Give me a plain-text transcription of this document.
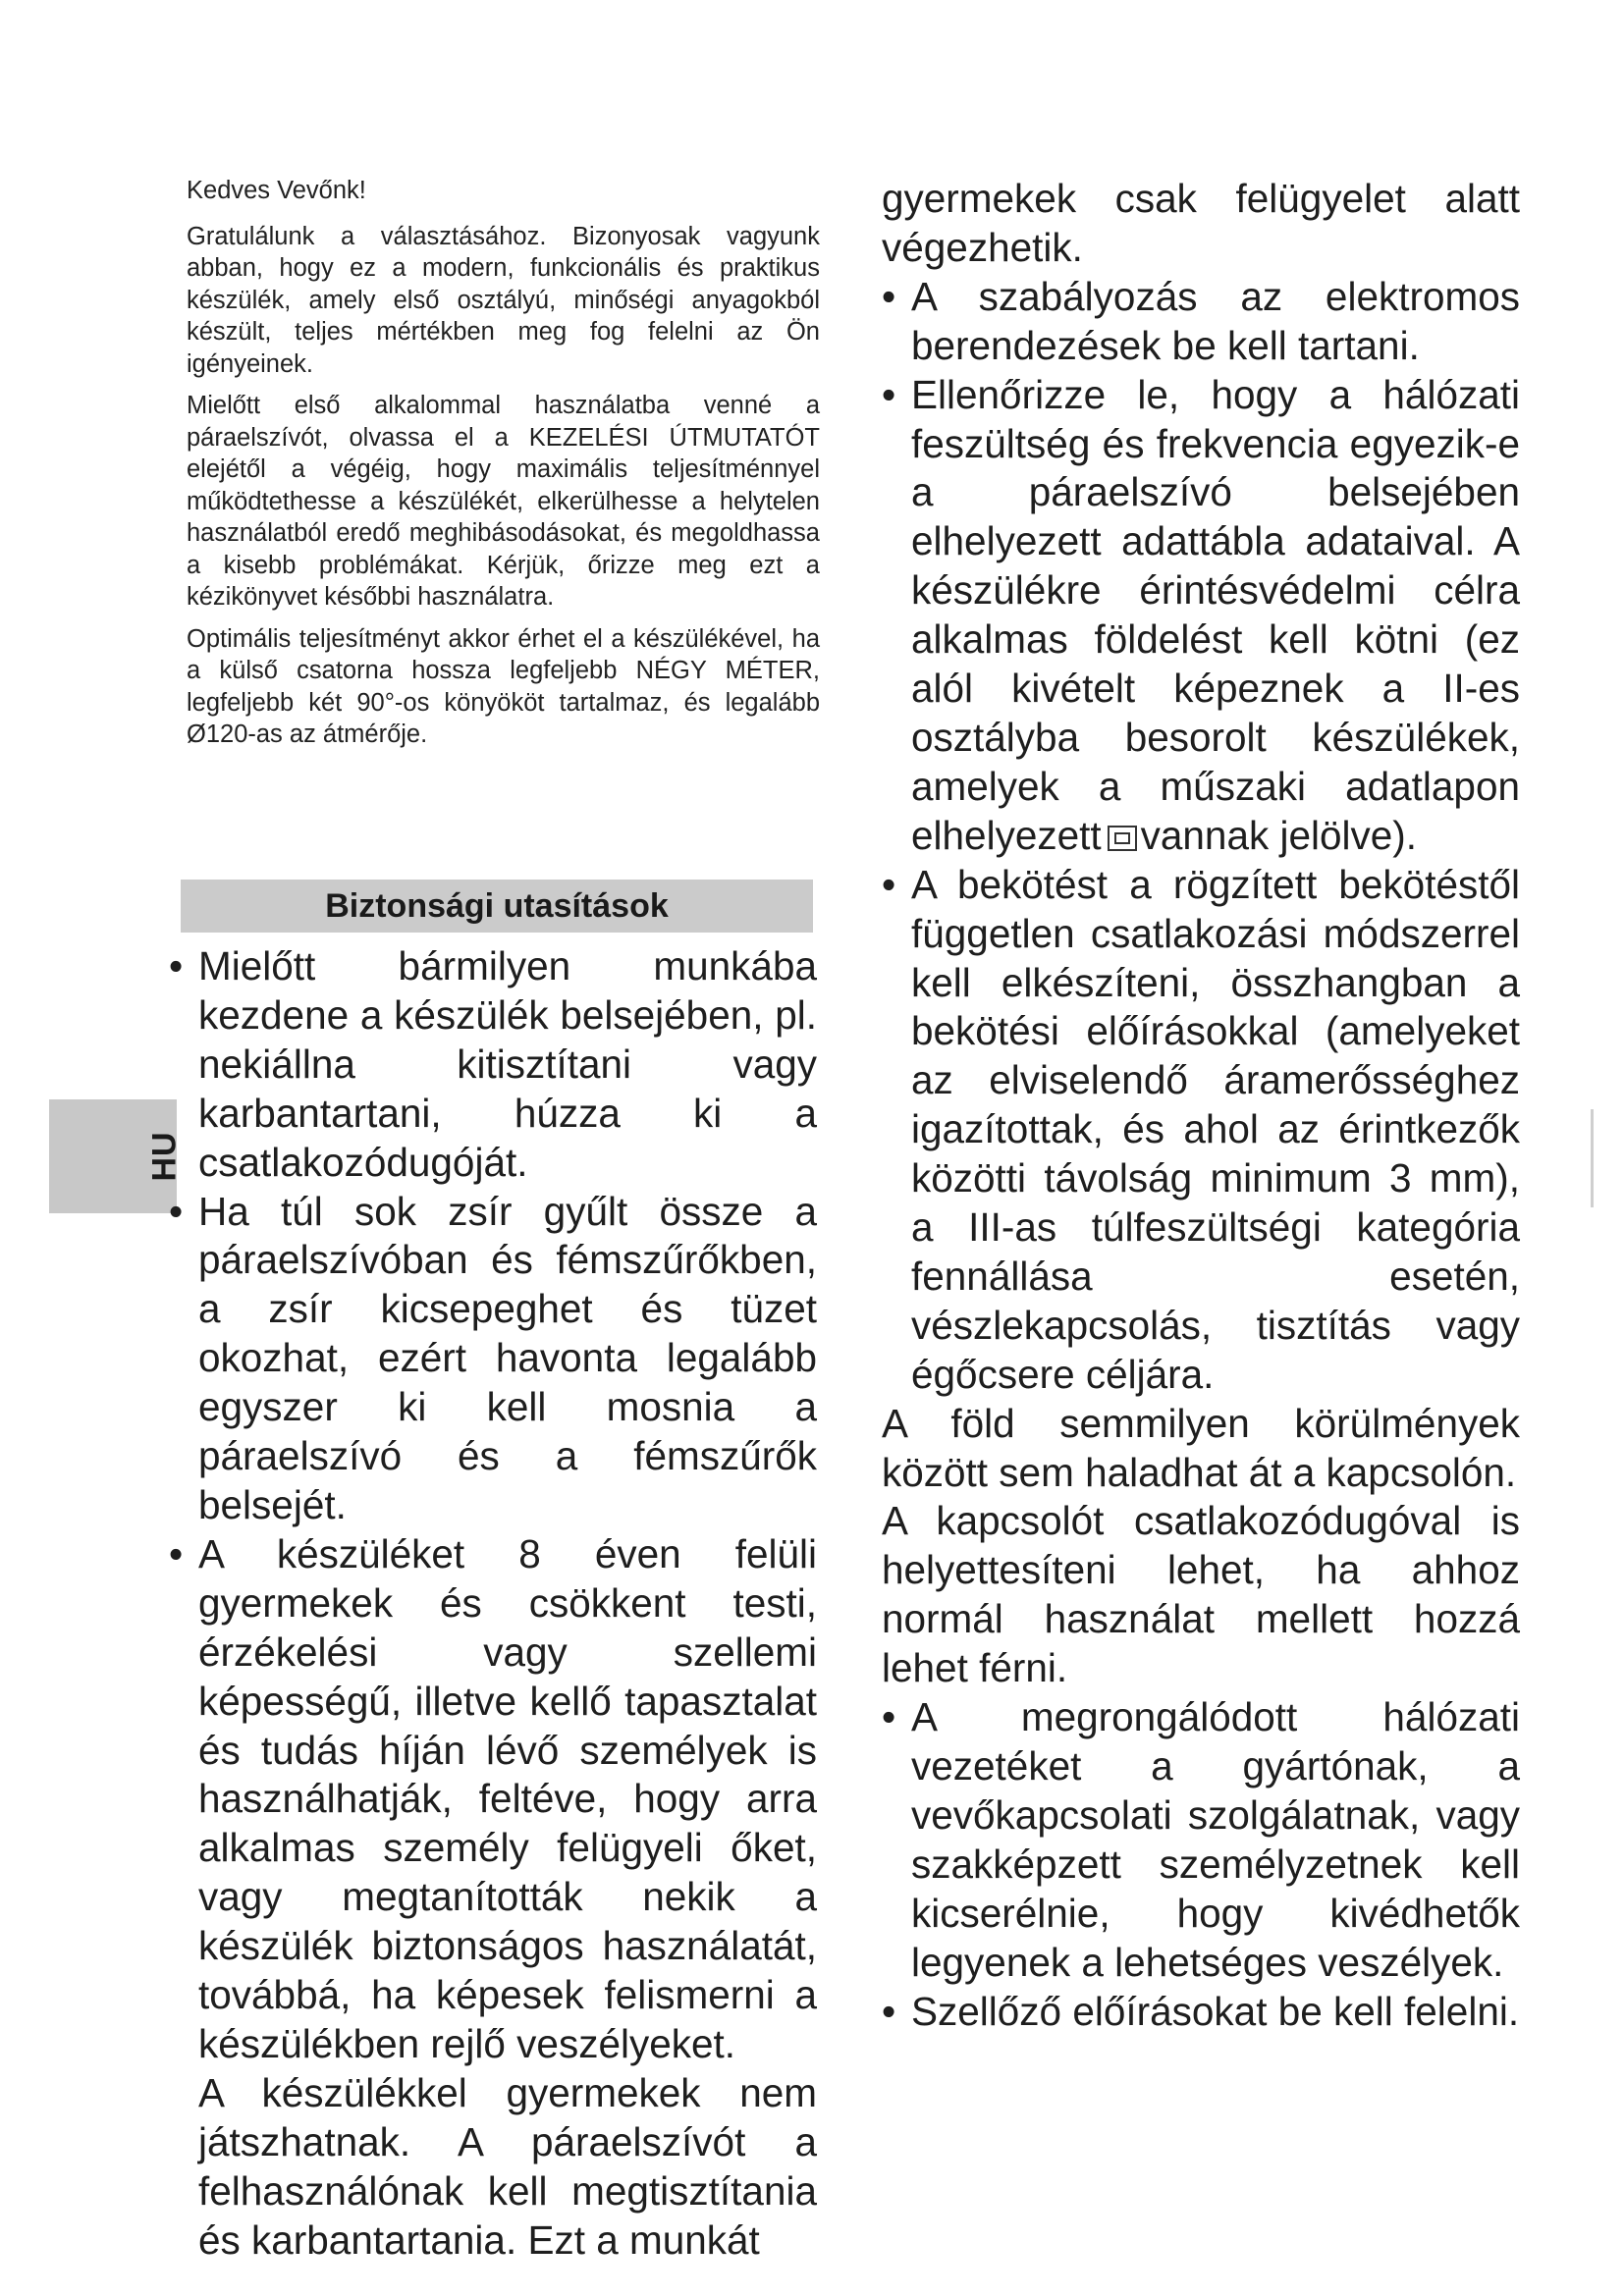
HU

Kedves Vevőnk!

Gratulálunk a választásához. Bizonyosak vagyunk abban, hogy ez a modern, funkcionális és praktikus készülék, amely első osztályú, minőségi anyagokból készült, teljes mértékben meg fog felelni az Ön igényeinek.

Mielőtt első alkalommal használatba venné a páraelszívót, olvassa el a KEZELÉSI ÚTMUTATÓT elejétől a végéig, hogy maximális teljesítménnyel működtethesse a készülékét, elkerülhesse a helytelen használatból eredő meghibásodásokat, és megoldhassa a kisebb problémákat. Kérjük, őrizze meg ezt a kézikönyvet későbbi használatra.

Optimális teljesítményt akkor érhet el a készülékével, ha a külső csatorna hossza legfeljebb NÉGY MÉTER, legfeljebb két 90°-os könyököt tartalmaz, és legalább Ø120-as az átmérője.

Biztonsági utasítások

• Mielőtt bármilyen munkába kezdene a készülék belsejében, pl. nekiállna kitisztítani vagy karbantartani, húzza ki a csatlakozódugóját.

• Ha túl sok zsír gyűlt össze a páraelszívóban és fémszűrőkben, a zsír kicsepeghet és tüzet okozhat, ezért havonta legalább egyszer ki kell mosnia a páraelszívó és a fémszűrők belsejét.

• A készüléket 8 éven felüli gyermekek és csökkent testi, érzékelési vagy szellemi képességű, illetve kellő tapasztalat és tudás híján lévő személyek is használhatják, feltéve, hogy arra alkalmas személy felügyeli őket, vagy megtanították nekik a készülék biztonságos használatát, továbbá, ha képesek felismerni a készülékben rejlő veszélyeket.

A készülékkel gyermekek nem játszhatnak. A páraelszívót a felhasználónak kell megtisztítania és karbantartania. Ezt a munkát

gyermekek csak felügyelet alatt végezhetik.

• A szabályozás az elektromos berendezések be kell tartani.

• Ellenőrizze le, hogy a hálózati feszültség és frekvencia egyezik-e a páraelszívó belsejében elhelyezett adattábla adataival. A készülékre érintésvédelmi célra alkalmas földelést kell kötni (ez alól kivételt képeznek a II-es osztályba besorolt készülékek, amelyek a műszaki adatlapon elhelyezett vannak jelölve).

• A bekötést a rögzített bekötéstől független csatlakozási módszerrel kell elkészíteni, összhangban a bekötési előírásokkal (amelyeket az elviselendő áramerősséghez igazítottak, és ahol az érintkezők közötti távolság minimum 3 mm), a III-as túlfeszültségi kategória fennállása esetén, vészlekapcsolás, tisztítás vagy égőcsere céljára.

A föld semmilyen körülmények között sem haladhat át a kapcsolón.

A kapcsolót csatlakozódugóval is helyettesíteni lehet, ha ahhoz normál használat mellett hozzá lehet férni.

• A megrongálódott hálózati vezetéket a gyártónak, a vevőkapcsolati szolgálatnak, vagy szakképzett személyzetnek kell kicserélnie, hogy kivédhetők legyenek a lehetséges veszélyek.

• Szellőző előírásokat be kell felelni.
